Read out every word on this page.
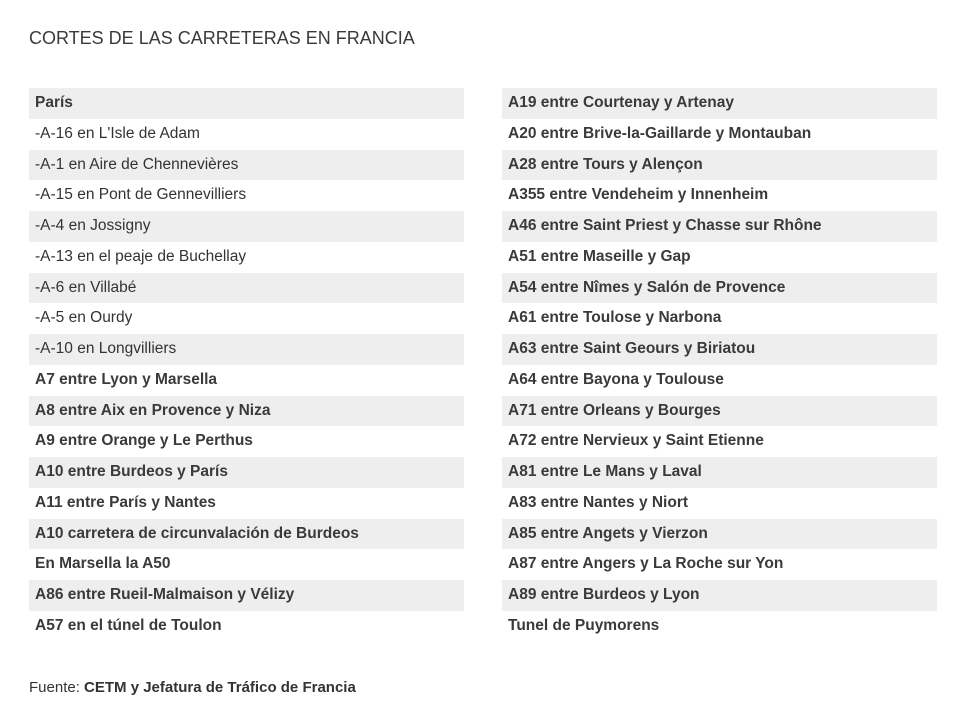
CORTES DE LAS CARRETERAS EN FRANCIA
París
-A-16 en L'Isle de Adam
-A-1 en Aire de Chennevières
-A-15 en Pont de Gennevilliers
-A-4 en Jossigny
-A-13 en el peaje de Buchellay
-A-6 en Villabé
-A-5 en Ourdy
-A-10 en Longvilliers
A7 entre Lyon y Marsella
A8 entre Aix en Provence y Niza
A9 entre Orange y Le Perthus
A10 entre Burdeos y París
A11 entre París y Nantes
A10 carretera de circunvalación de Burdeos
En Marsella la A50
A86 entre Rueil-Malmaison y Vélizy
A57 en el túnel de Toulon
A19 entre Courtenay y Artenay
A20 entre Brive-la-Gaillarde y Montauban
A28 entre Tours y Alençon
A355 entre Vendeheim y Innenheim
A46 entre Saint Priest y Chasse sur Rhône
A51 entre Maseille y Gap
A54 entre Nîmes y Salón de Provence
A61 entre Toulose y Narbona
A63 entre Saint Geours y Biriatou
A64 entre Bayona y Toulouse
A71 entre Orleans y Bourges
A72 entre Nervieux y Saint Etienne
A81 entre Le Mans y Laval
A83 entre Nantes y Niort
A85 entre Angets y Vierzon
A87 entre Angers y La Roche sur Yon
A89 entre Burdeos y Lyon
Tunel de Puymorens
Fuente: CETM y Jefatura de Tráfico de Francia
